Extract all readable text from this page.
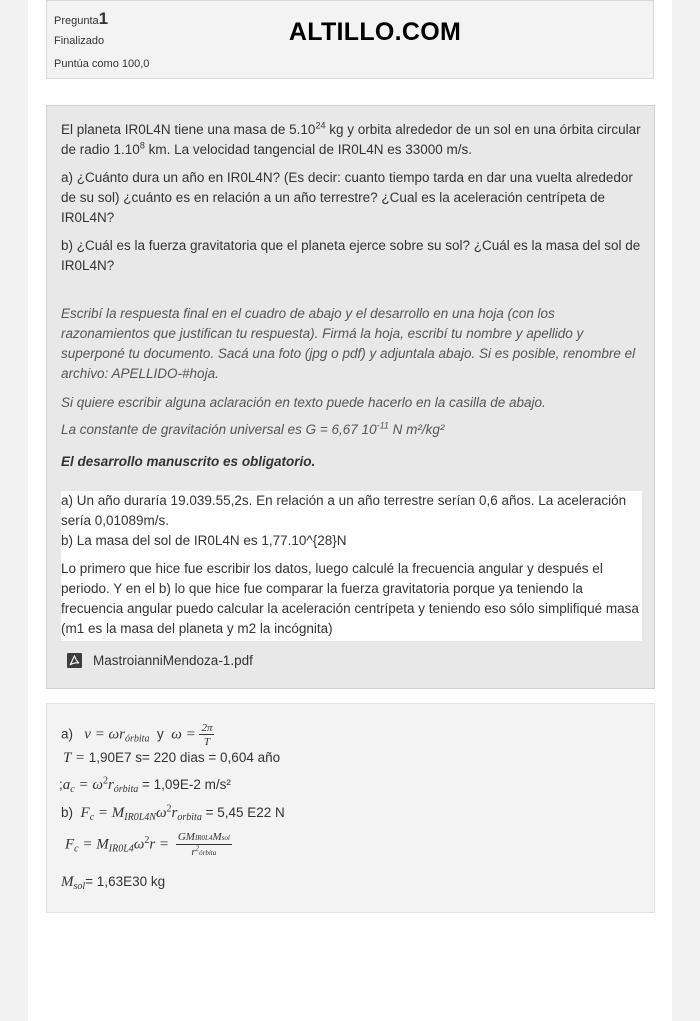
Pregunta1
Finalizado
Puntúa como 100,0
ALTILLO.COM

El planeta IR0L4N tiene una masa de 5.10$^{24}$ kg y orbita alrededor de un sol en una órbita circular de radio 1.10$^8$ km. La velocidad tangencial de IR0L4N es 33000 m/s.

a) ¿Cuánto dura un año en IR0L4N? (Es decir: cuanto tiempo tarda en dar una vuelta alrededor de su sol) ¿cuánto es en relación a un año terrestre? ¿Cual es la aceleración centrípeta de IR0L4N?

b) ¿Cuál es la fuerza gravitatoria que el planeta ejerce sobre su sol? ¿Cuál es la masa del sol de IR0L4N?

Escribí la respuesta final en el cuadro de abajo y el desarrollo en una hoja (con los razonamientos que justifican tu respuesta). Firmá la hoja, escribí tu nombre y apellido y superponé tu documento. Sacá una foto (jpg o pdf) y adjuntala abajo. Si es posible, renombre el archivo: APELLIDO-#hoja.

Si quiere escribir alguna aclaración en texto puede hacerlo en la casilla de abajo.

La constante de gravitación universal es G = 6,67 $10^{-11}$ N m²/kg²

El desarrollo manuscrito es obligatorio.

a) Un año duraría 19.039.55,2s. En relación a un año terrestre serían 0,6 años. La aceleración sería 0,01089m/s.

b) La masa del sol de IR0L4N es 1,77.10^{28}N

Lo primero que hice fue escribir los datos, luego calculé la frecuencia angular y después el periodo. Y en el b) lo que hice fue comparar la fuerza gravitatoria porque ya teniendo la frecuencia angular puedo calcular la aceleración centrípeta y teniendo eso sólo simplifiqué masa (m1 es la masa del planeta y m2 la incógnita)

MastroianniMendoza-1.pdf
a) $v = \omega r_{órbita}$ y $\omega = \frac{2\pi}{T}$
T = 1,90E7 s= 220 dias = 0,604 año
$;a_c = \omega^2r_{órbita} = 1,09E-2$ m/s²
b) $F_c = M_{IR0L4N}\omega^2r_{orbita} = 5,45$ E22 N
$F_c = M_{IR0L4}\omega^2r = \frac{\text{GMIR0L4Msol}}{r^2órbita}$
$M_{sol}= 1,63E30$ kg
